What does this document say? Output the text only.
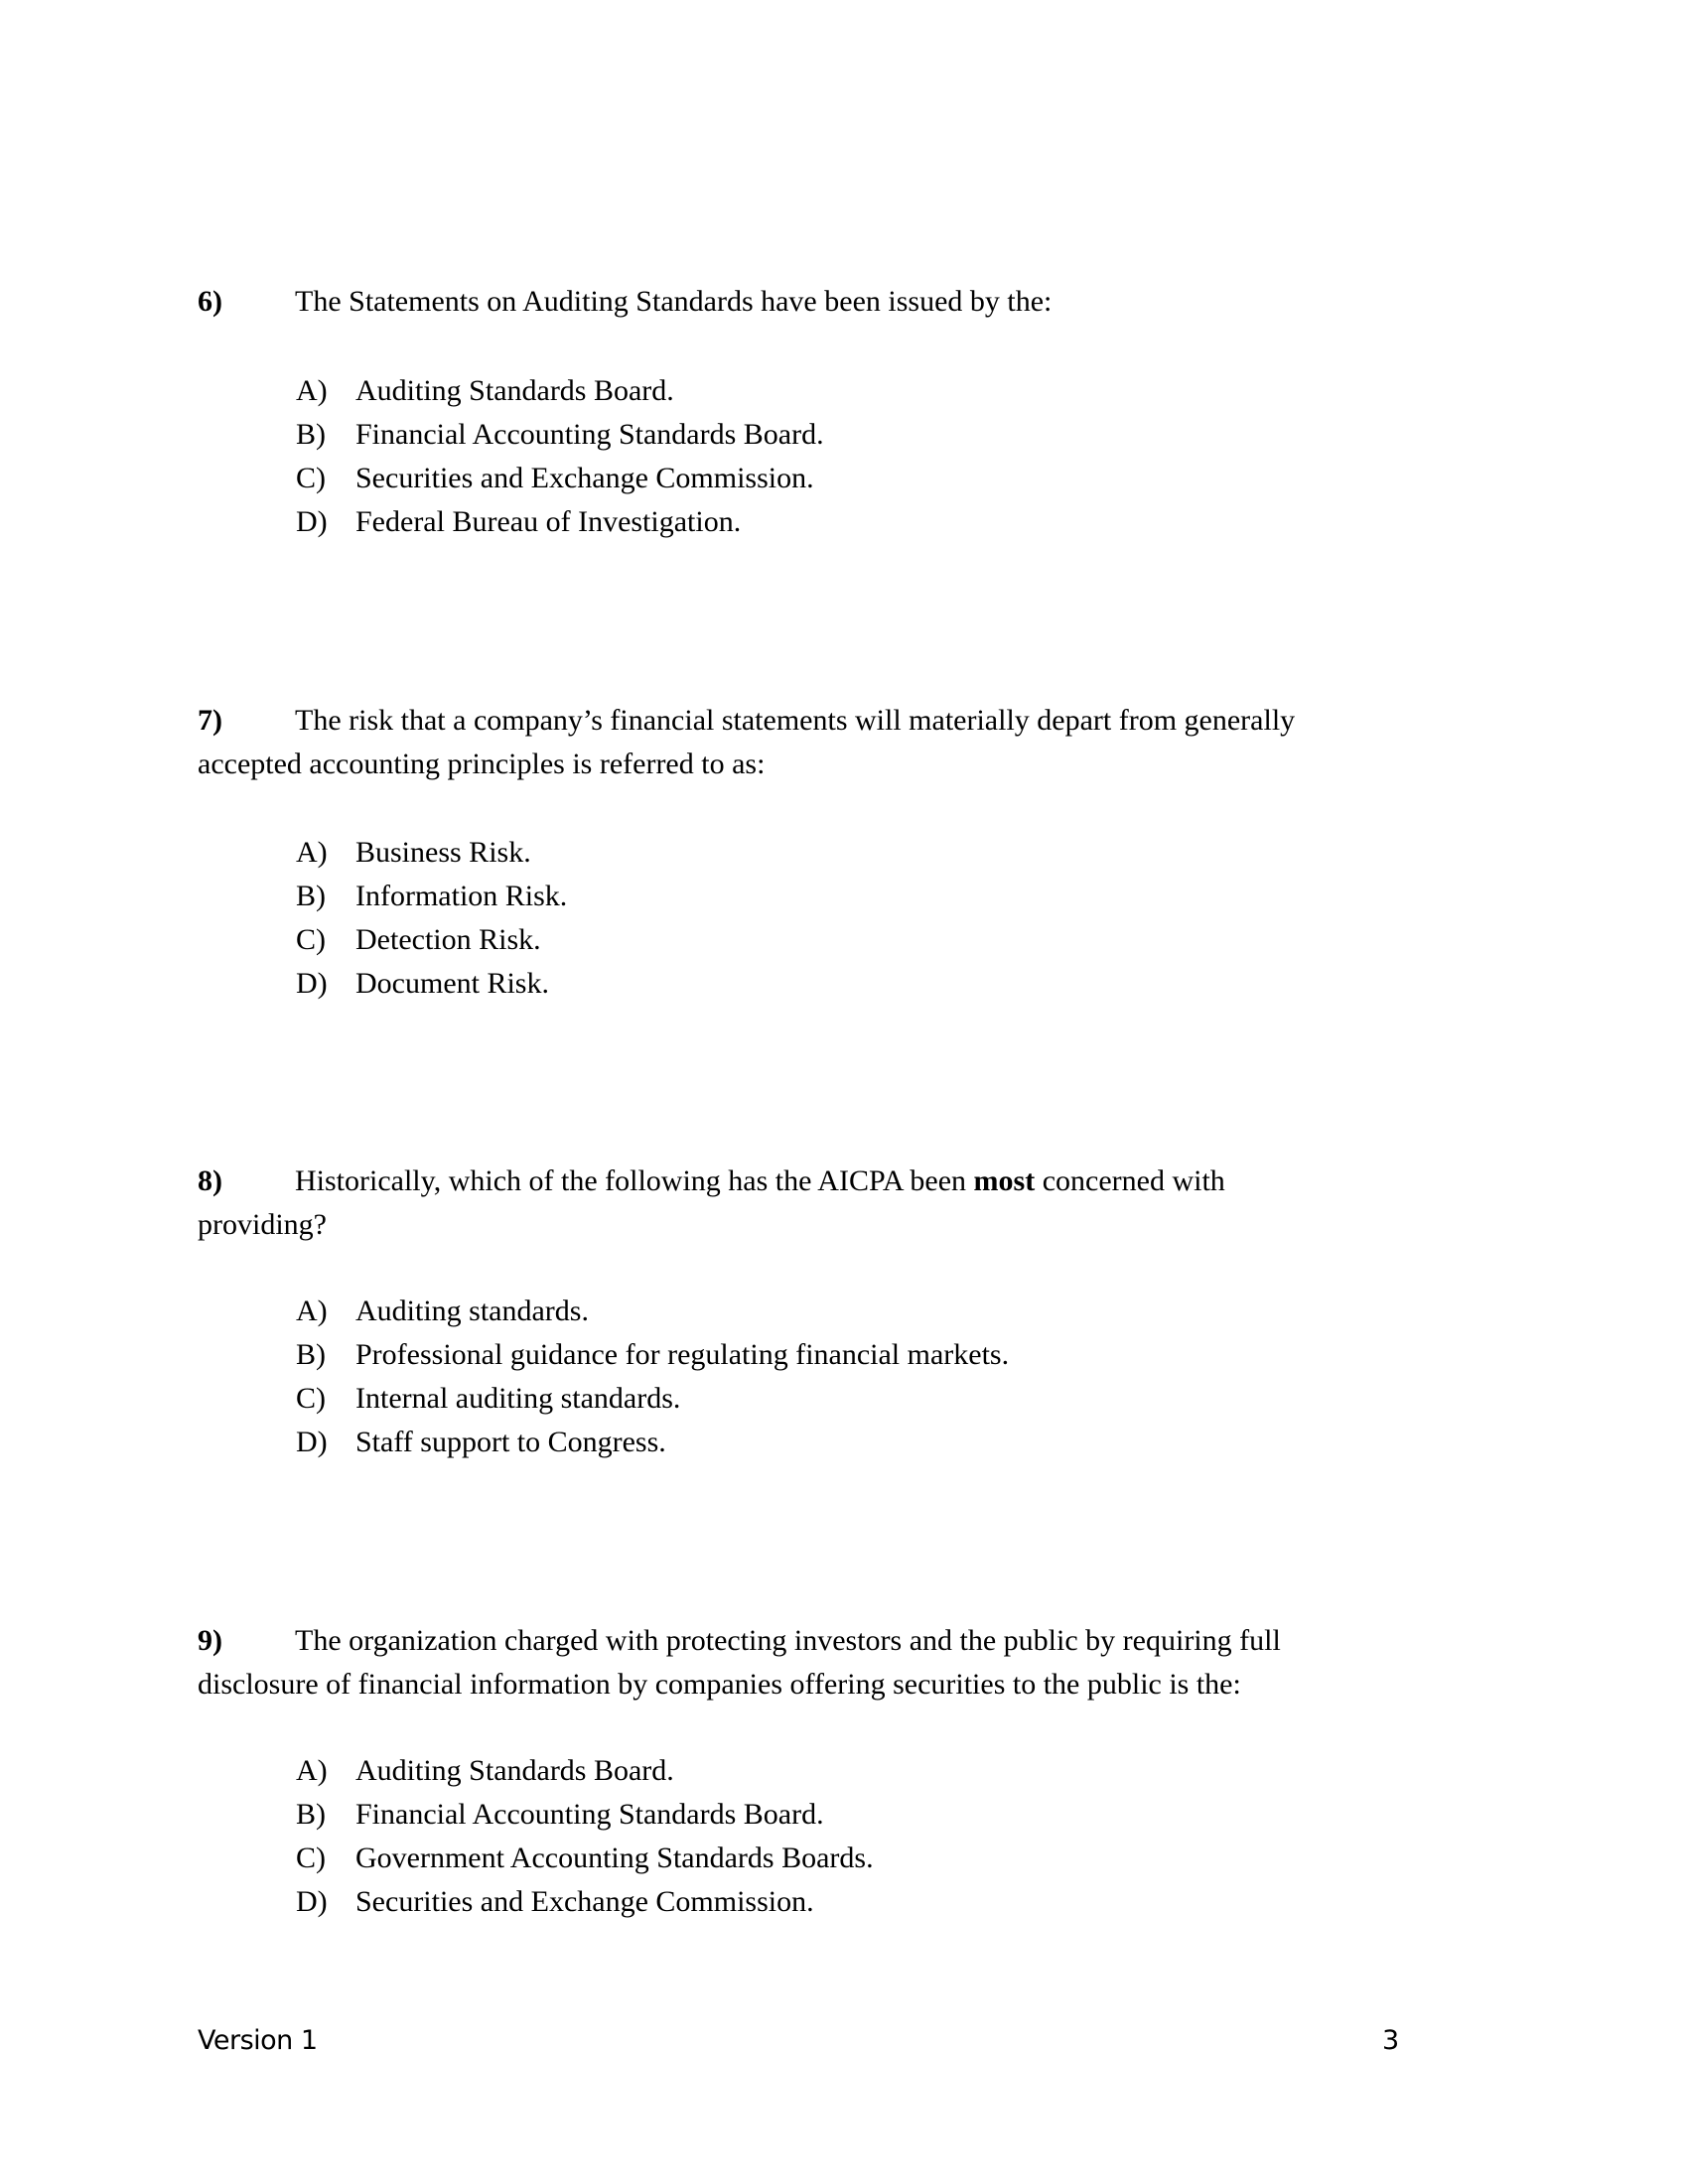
6) The Statements on Auditing Standards have been issued by the:
A) Auditing Standards Board.
B) Financial Accounting Standards Board.
C) Securities and Exchange Commission.
D) Federal Bureau of Investigation.
7) The risk that a company’s financial statements will materially depart from generally
accepted accounting principles is referred to as:
A) Business Risk.
B) Information Risk.
C) Detection Risk.
D) Document Risk.
8) Historically, which of the following has the AICPA been most concerned with
providing?
A) Auditing standards.
B) Professional guidance for regulating financial markets.
C) Internal auditing standards.
D) Staff support to Congress.
9) The organization charged with protecting investors and the public by requiring full
disclosure of financial information by companies offering securities to the public is the:
A) Auditing Standards Board.
B) Financial Accounting Standards Board.
C) Government Accounting Standards Boards.
D) Securities and Exchange Commission.
Version 1	3
